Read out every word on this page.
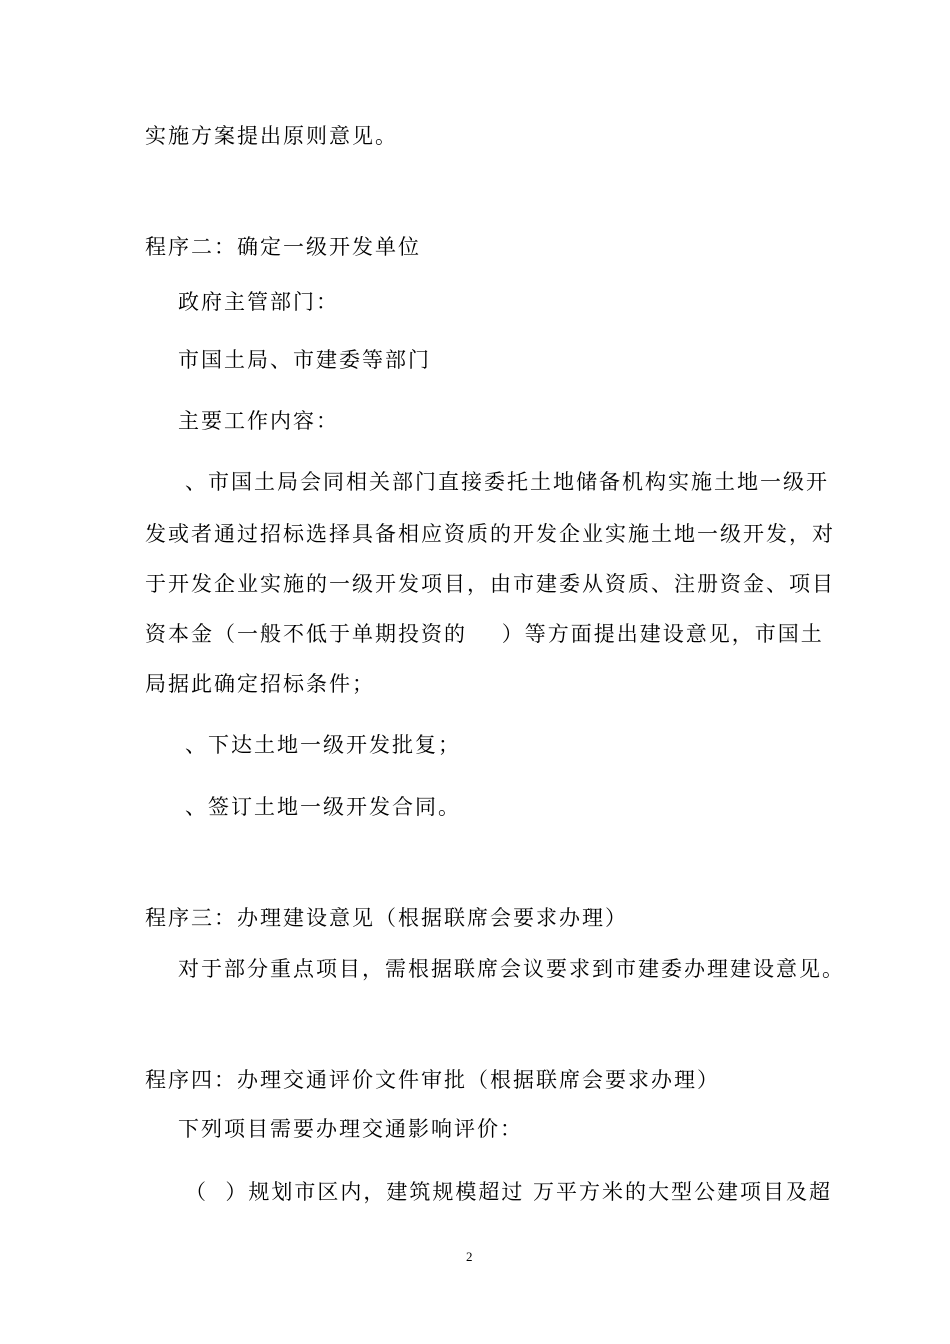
实施方案提出原则意见。
程序二：确定一级开发单位
政府主管部门：
市国土局、市建委等部门
主要工作内容：
、市国土局会同相关部门直接委托土地储备机构实施土地一级开
发或者通过招标选择具备相应资质的开发企业实施土地一级开发，对
于开发企业实施的一级开发项目，由市建委从资质、注册资金、项目
资本金（一般不低于单期投资的    ）等方面提出建设意见，市国土
局据此确定招标条件；
、下达土地一级开发批复；
、签订土地一级开发合同。
程序三：办理建设意见（根据联席会要求办理）
对于部分重点项目，需根据联席会议要求到市建委办理建设意见。
程序四：办理交通评价文件审批（根据联席会要求办理）
下列项目需要办理交通影响评价：
（  ）规划市区内，建筑规模超过 万平方米的大型公建项目及超
2
